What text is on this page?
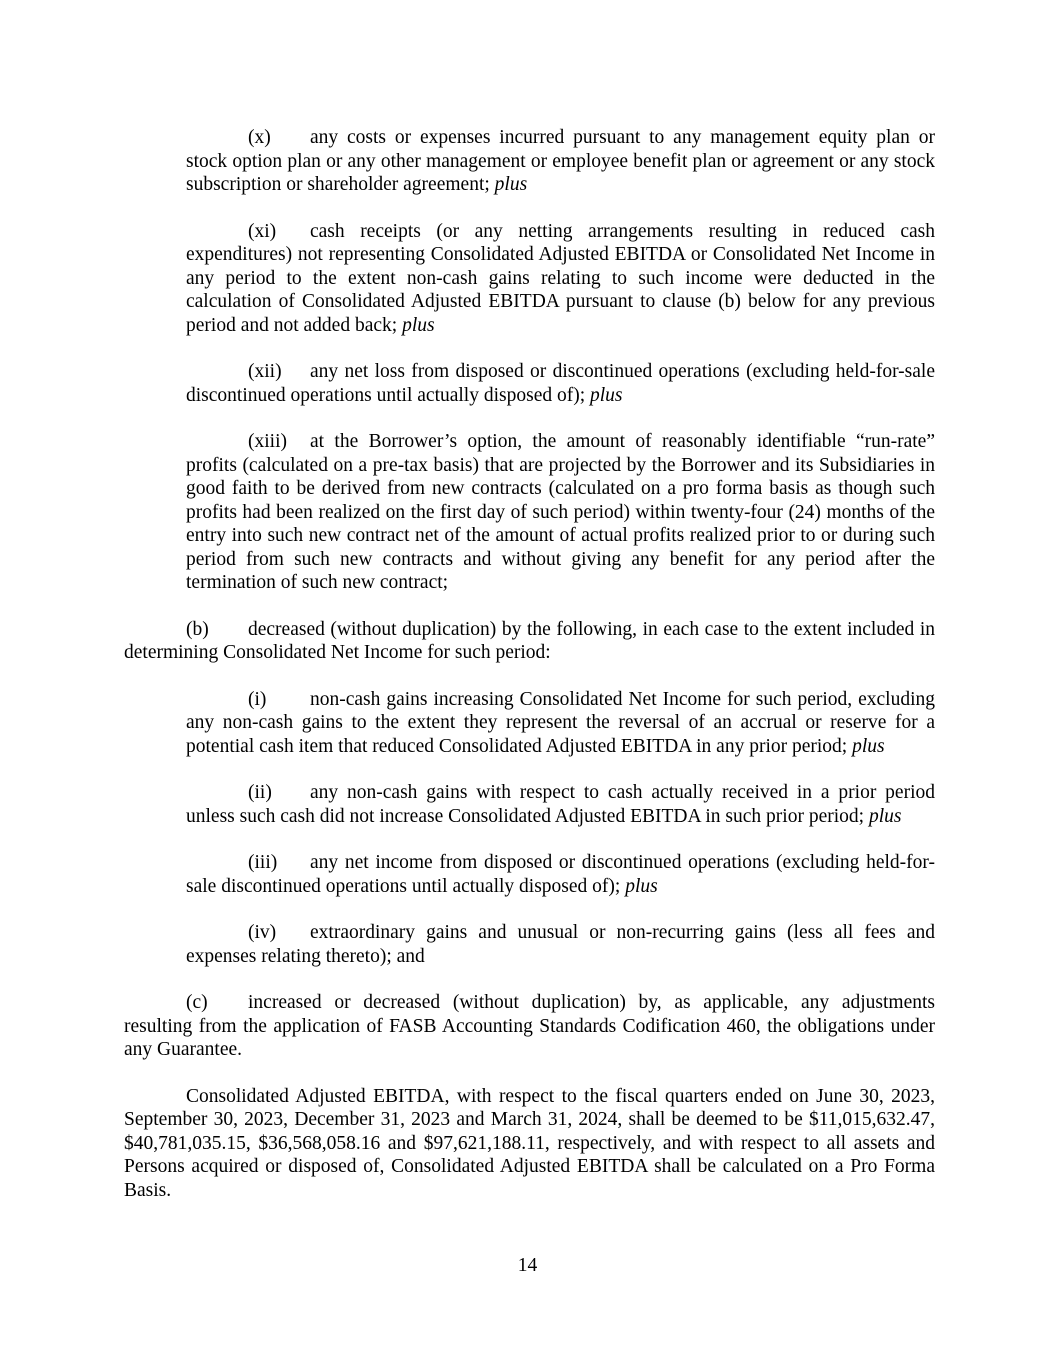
(x) any costs or expenses incurred pursuant to any management equity plan or stock option plan or any other management or employee benefit plan or agreement or any stock subscription or shareholder agreement; plus

(xi) cash receipts (or any netting arrangements resulting in reduced cash expenditures) not representing Consolidated Adjusted EBITDA or Consolidated Net Income in any period to the extent non-cash gains relating to such income were deducted in the calculation of Consolidated Adjusted EBITDA pursuant to clause (b) below for any previous period and not added back; plus

(xii) any net loss from disposed or discontinued operations (excluding held-for-sale discontinued operations until actually disposed of); plus

(xiii) at the Borrower’s option, the amount of reasonably identifiable “run-rate” profits (calculated on a pre-tax basis) that are projected by the Borrower and its Subsidiaries in good faith to be derived from new contracts (calculated on a pro forma basis as though such profits had been realized on the first day of such period) within twenty-four (24) months of the entry into such new contract net of the amount of actual profits realized prior to or during such period from such new contracts and without giving any benefit for any period after the termination of such new contract;

(b) decreased (without duplication) by the following, in each case to the extent included in determining Consolidated Net Income for such period:

(i) non-cash gains increasing Consolidated Net Income for such period, excluding any non-cash gains to the extent they represent the reversal of an accrual or reserve for a potential cash item that reduced Consolidated Adjusted EBITDA in any prior period; plus

(ii) any non-cash gains with respect to cash actually received in a prior period unless such cash did not increase Consolidated Adjusted EBITDA in such prior period; plus

(iii) any net income from disposed or discontinued operations (excluding held-for-sale discontinued operations until actually disposed of); plus

(iv) extraordinary gains and unusual or non-recurring gains (less all fees and expenses relating thereto); and

(c) increased or decreased (without duplication) by, as applicable, any adjustments resulting from the application of FASB Accounting Standards Codification 460, the obligations under any Guarantee.

Consolidated Adjusted EBITDA, with respect to the fiscal quarters ended on June 30, 2023, September 30, 2023, December 31, 2023 and March 31, 2024, shall be deemed to be $11,015,632.47, $40,781,035.15, $36,568,058.16 and $97,621,188.11, respectively, and with respect to all assets and Persons acquired or disposed of, Consolidated Adjusted EBITDA shall be calculated on a Pro Forma Basis.

14
